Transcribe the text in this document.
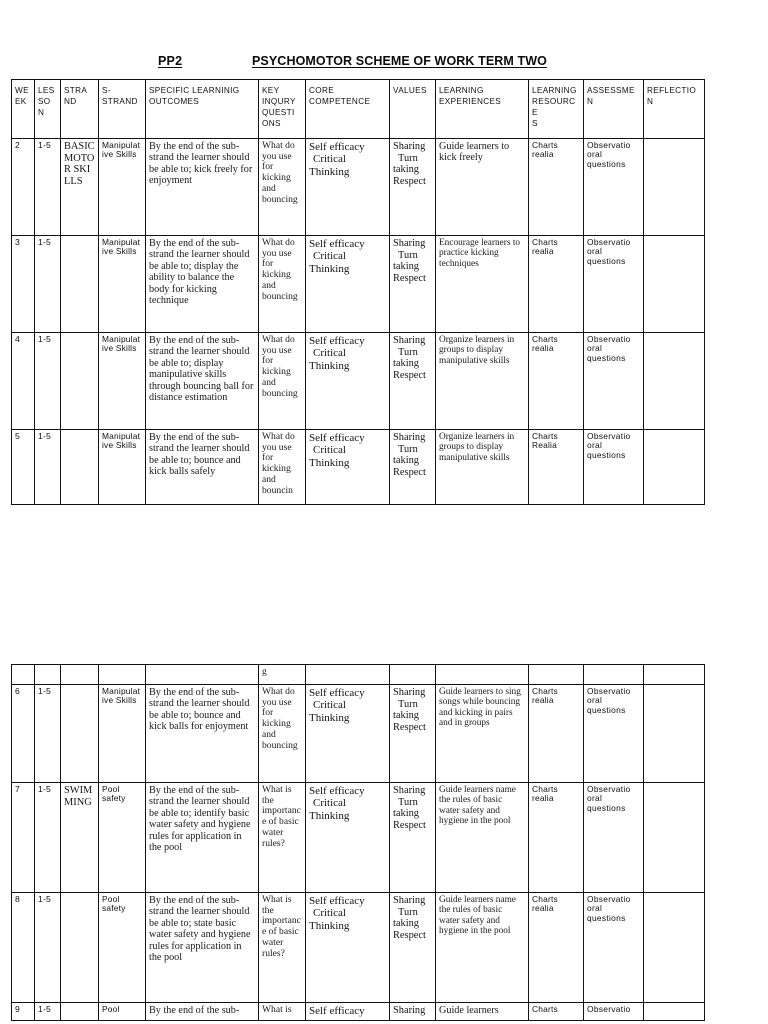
PP2	PSYCHOMOTOR SCHEME OF WORK TERM TWO
WE
EK	LES
SO
N	STRA
ND	S-
STRAND	SPECIFIC LEARNINIG
OUTCOMES	KEY
INQURY
QUESTI
ONS	CORE
COMPETENCE	VALUES	LEARNING
EXPERIENCES	LEARNING
RESOURCE
S	ASSESSME
N	REFLECTIO
N
2	1-5	BASIC MOTOR SKILLS	Manipulative Skills	By the end of the sub-strand the learner should be able to; kick freely for enjoyment	What do you use for kicking and bouncing	Self efficacy
Critical
Thinking	Sharing
Turn
taking Respect	Guide learners to kick freely	Charts realia	Observatio oral questions	
3	1-5		Manipulative Skills	By the end of the sub-strand the learner should be able to; display the ability to balance the body for kicking technique	What do you use for kicking and bouncing	Self efficacy
Critical
Thinking	Sharing
Turn
taking Respect	Encourage learners to practice kicking techniques	Charts realia	Observatio oral questions	
4	1-5		Manipulative Skills	By the end of the sub-strand the learner should be able to; display manipulative skills through bouncing ball for distance estimation	What do you use for kicking and bouncing	Self efficacy
Critical
Thinking	Sharing
Turn
taking Respect	Organize learners in groups to display manipulative skills	Charts realia	Observatio oral questions	
5	1-5		Manipulative Skills	By the end of the sub-strand the learner should be able to; bounce and kick balls safely	What do you use for kicking and bouncin	Self efficacy
Critical
Thinking	Sharing
Turn
taking Respect	Organize learners in groups to display manipulative skills	Charts Realia	Observatio oral questions	
					g						
6	1-5		Manipulative Skills	By the end of the sub-strand the learner should be able to; bounce and kick balls for enjoyment	What do you use for kicking and bouncing	Self efficacy
Critical
Thinking	Sharing
Turn
taking Respect	Guide learners to sing songs while bouncing and kicking in pairs and in groups	Charts realia	Observatio oral questions	
7	1-5	SWIMMING	Pool safety	By the end of the sub-strand the learner should be able to; identify basic water safety and hygiene rules for application in the pool	What is the importance of basic water rules?	Self efficacy
Critical
Thinking	Sharing
Turn
taking Respect	Guide learners name the rules of basic water safety and hygiene in the pool	Charts realia	Observatio oral questions	
8	1-5		Pool safety	By the end of the sub-strand the learner should be able to; state basic water safety and hygiene rules for application in the pool	What is the importance of basic water rules?	Self efficacy
Critical
Thinking	Sharing
Turn
taking Respect	Guide learners name the rules of basic water safety and hygiene in the pool	Charts realia	Observatio oral questions	
9	1-5		Pool	By the end of the sub-	What is	Self efficacy	Sharing	Guide learners	Charts	Observatio	
